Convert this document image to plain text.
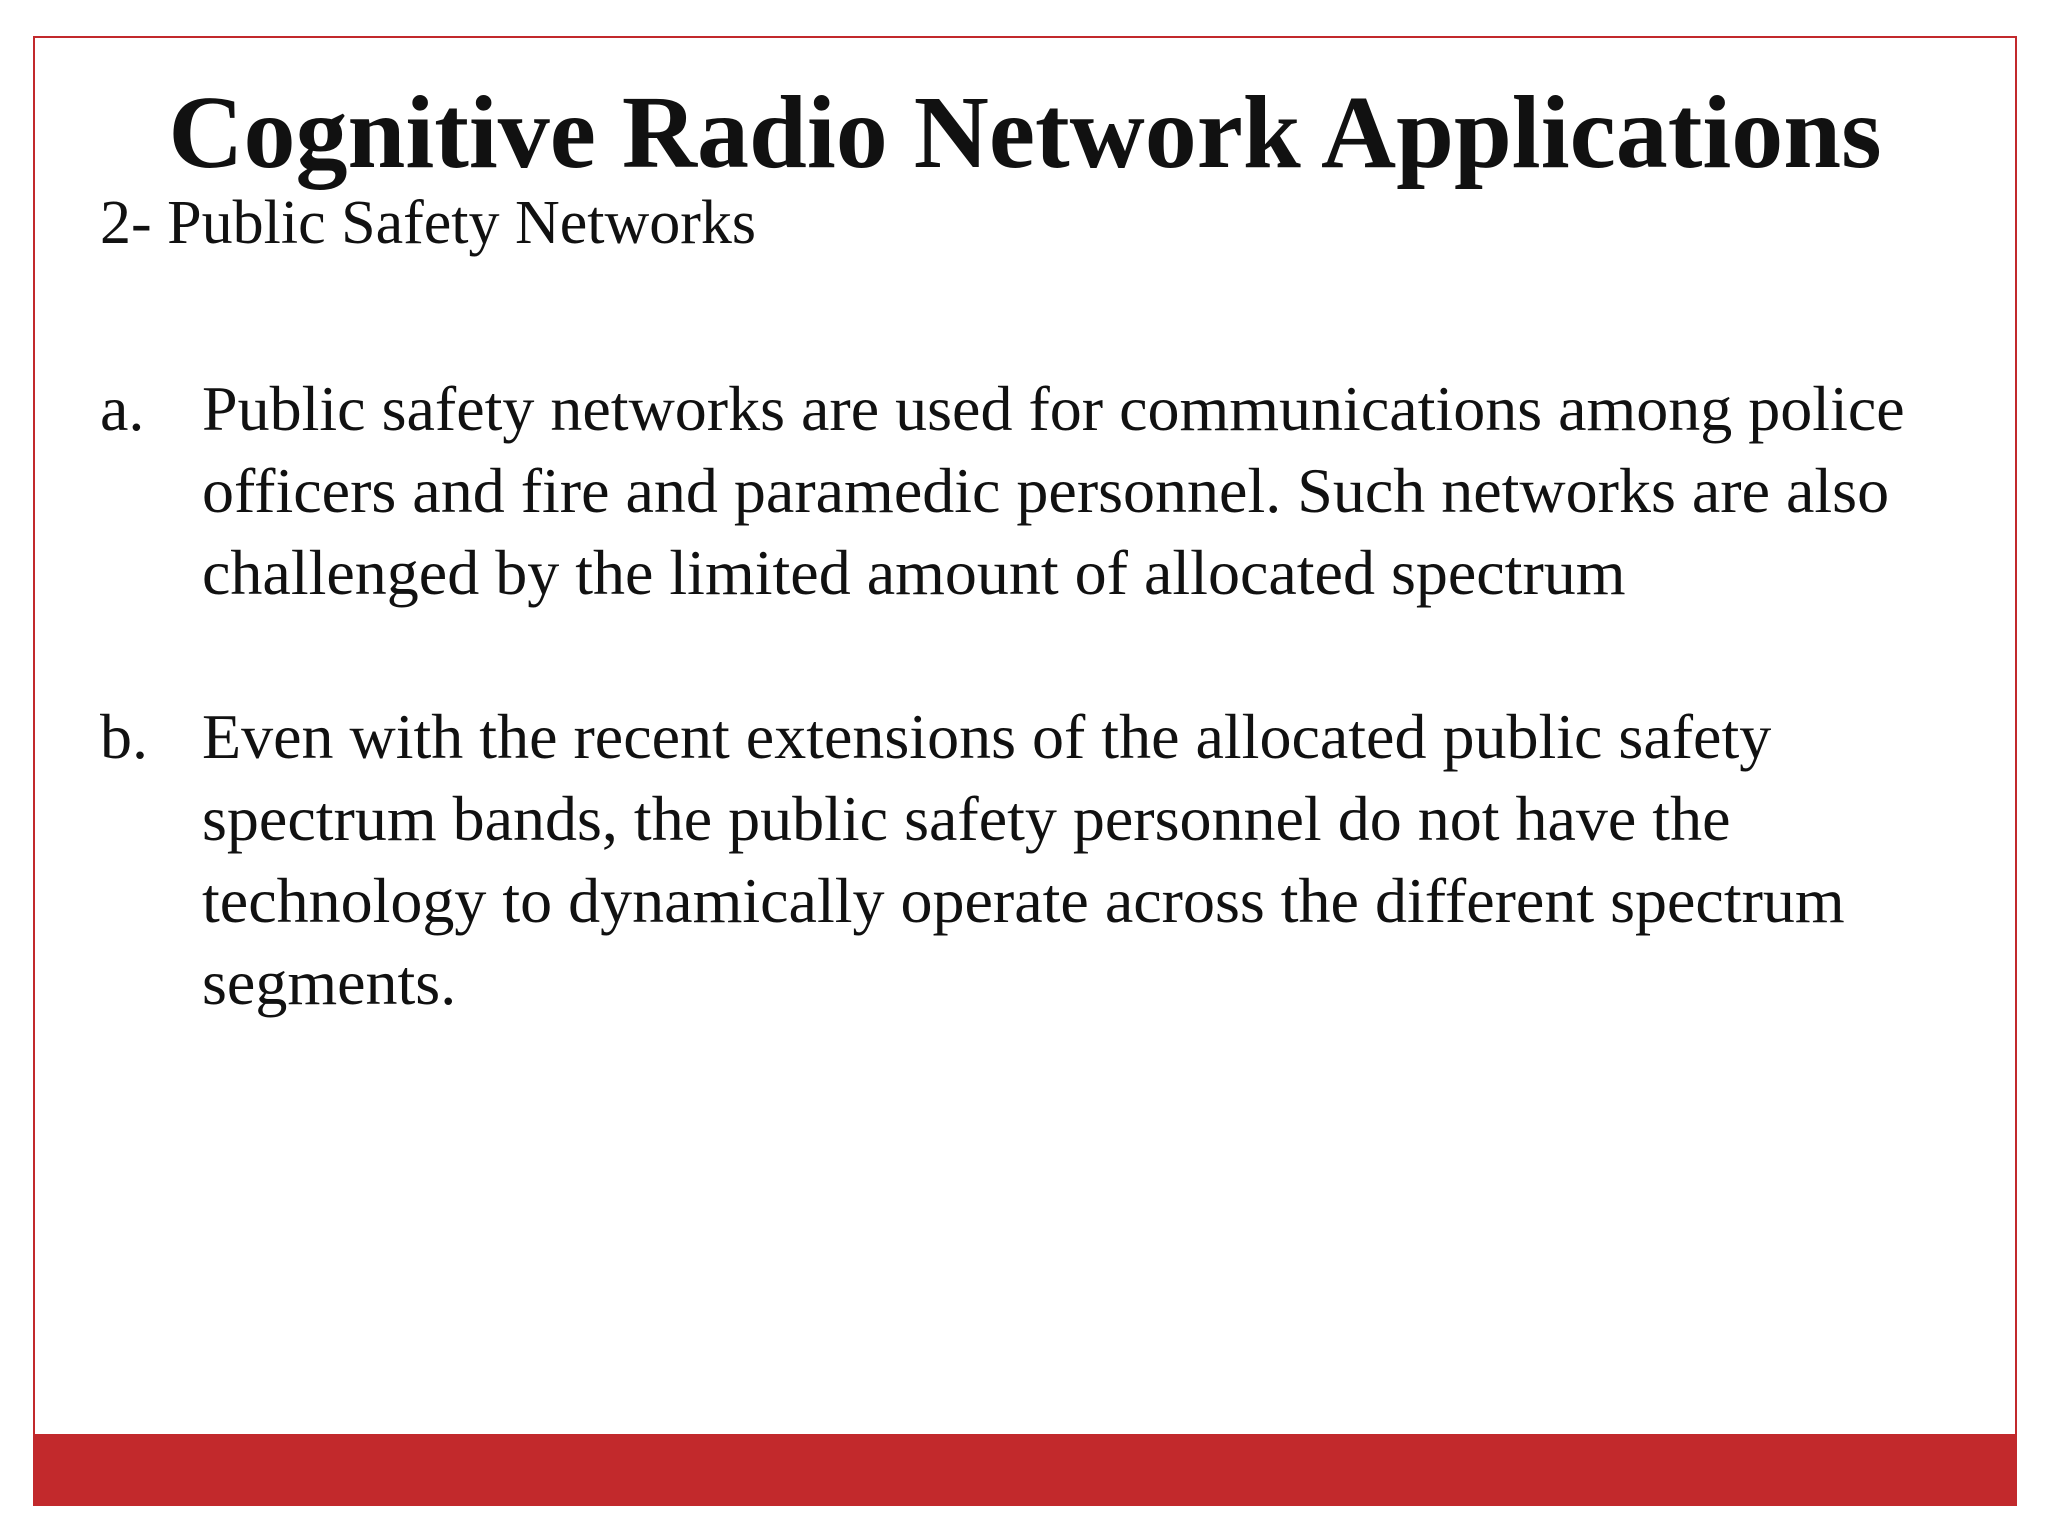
Cognitive Radio Network Applications
2- Public Safety Networks
a. Public safety networks are used for communications among police officers and fire and paramedic personnel. Such networks are also challenged by the limited amount of allocated spectrum
b. Even with the recent extensions of the allocated public safety spectrum bands, the public safety personnel do not have the technology to dynamically operate across the different spectrum segments.
